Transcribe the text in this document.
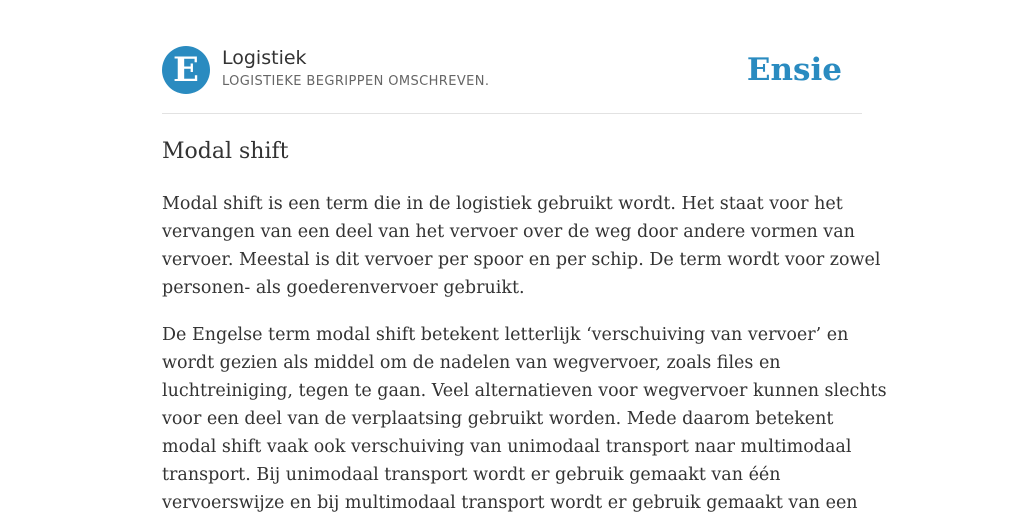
E	Logistiek
LOGISTIEKE BEGRIPPEN OMSCHREVEN.	Ensie
Modal shift

Modal shift is een term die in de logistiek gebruikt wordt. Het staat voor het
vervangen van een deel van het vervoer over de weg door andere vormen van
vervoer. Meestal is dit vervoer per spoor en per schip. De term wordt voor zowel
personen- als goederenvervoer gebruikt.

De Engelse term modal shift betekent letterlijk ‘verschuiving van vervoer’ en
wordt gezien als middel om de nadelen van wegvervoer, zoals files en
luchtreiniging, tegen te gaan. Veel alternatieven voor wegvervoer kunnen slechts
voor een deel van de verplaatsing gebruikt worden. Mede daarom betekent
modal shift vaak ook verschuiving van unimodaal transport naar multimodaal
transport. Bij unimodaal transport wordt er gebruik gemaakt van één
vervoerswijze en bij multimodaal transport wordt er gebruik gemaakt van een
